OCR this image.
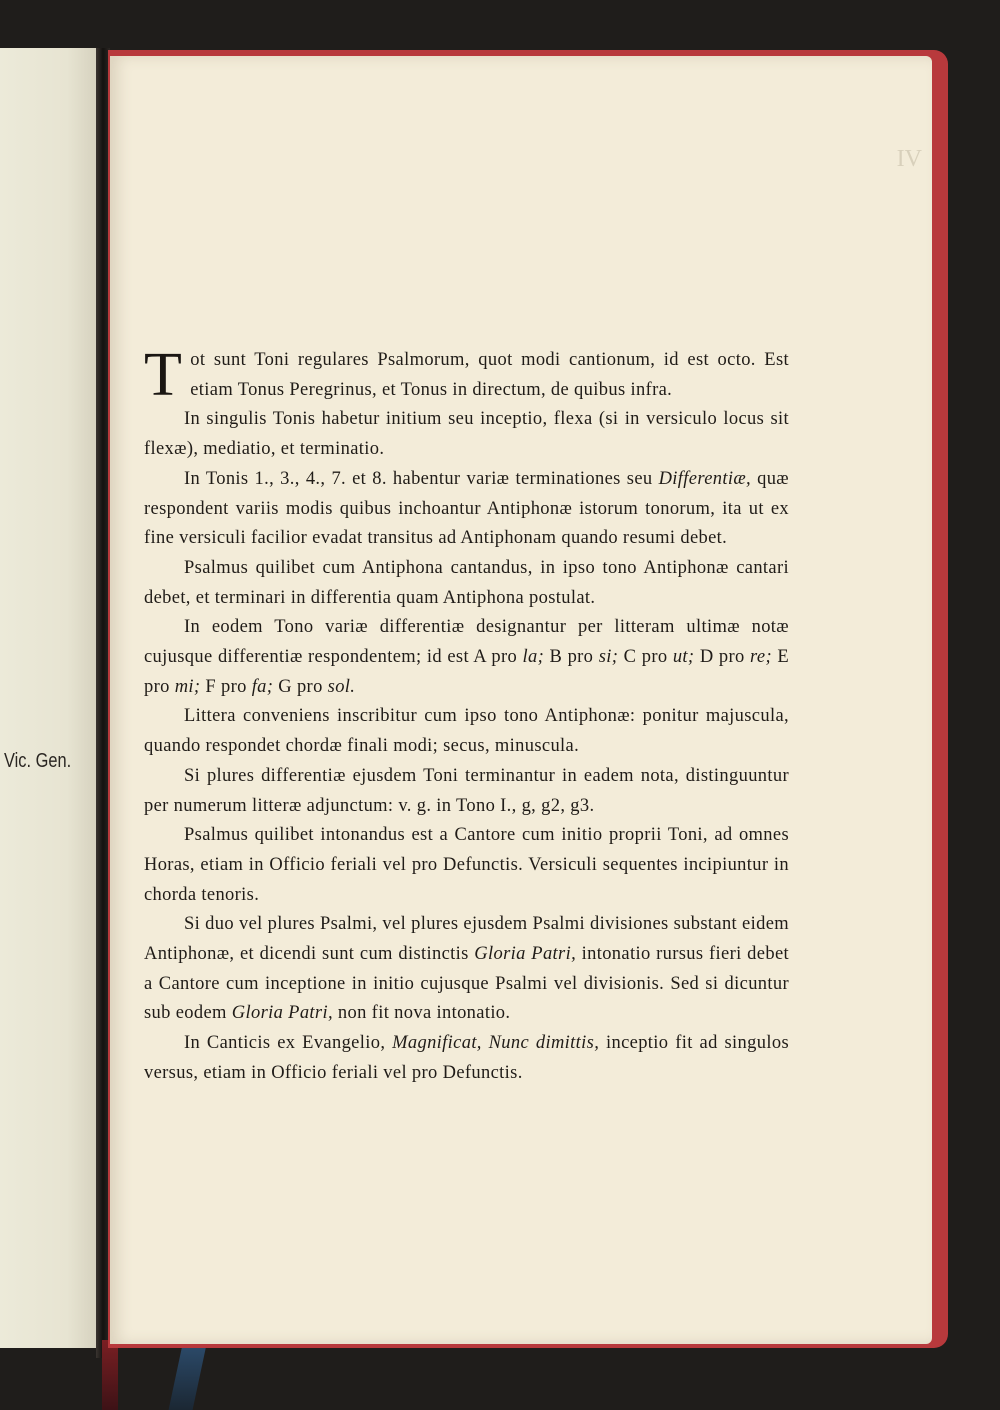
Vic. Gen.
IV

Tot sunt Toni regulares Psalmorum, quot modi cantionum, id est octo. Est etiam Tonus Peregrinus, et Tonus in directum, de quibus infra.

In singulis Tonis habetur initium seu inceptio, flexa (si in versiculo locus sit flexæ), mediatio, et terminatio.

In Tonis 1., 3., 4., 7. et 8. habentur variæ terminationes seu Differentiæ, quæ respondent variis modis quibus inchoantur Antiphonæ istorum tonorum, ita ut ex fine versiculi facilior evadat transitus ad Antiphonam quando resumi debet.

Psalmus quilibet cum Antiphona cantandus, in ipso tono Antiphonæ cantari debet, et terminari in differentia quam Antiphona postulat.

In eodem Tono variæ differentiæ designantur per litteram ultimæ notæ cujusque differentiæ respondentem; id est A pro la; B pro si; C pro ut; D pro re; E pro mi; F pro fa; G pro sol.

Littera conveniens inscribitur cum ipso tono Antiphonæ: ponitur majuscula, quando respondet chordæ finali modi; secus, minuscula.

Si plures differentiæ ejusdem Toni terminantur in eadem nota, distinguuntur per numerum litteræ adjunctum: v. g. in Tono I., g, g2, g3.

Psalmus quilibet intonandus est a Cantore cum initio proprii Toni, ad omnes Horas, etiam in Officio feriali vel pro Defunctis. Versiculi sequentes incipiuntur in chorda tenoris.

Si duo vel plures Psalmi, vel plures ejusdem Psalmi divisiones substant eidem Antiphonæ, et dicendi sunt cum distinctis Gloria Patri, intonatio rursus fieri debet a Cantore cum inceptione in initio cujusque Psalmi vel divisionis. Sed si dicuntur sub eodem Gloria Patri, non fit nova intonatio.

In Canticis ex Evangelio, Magnificat, Nunc dimittis, inceptio fit ad singulos versus, etiam in Officio feriali vel pro Defunctis.
